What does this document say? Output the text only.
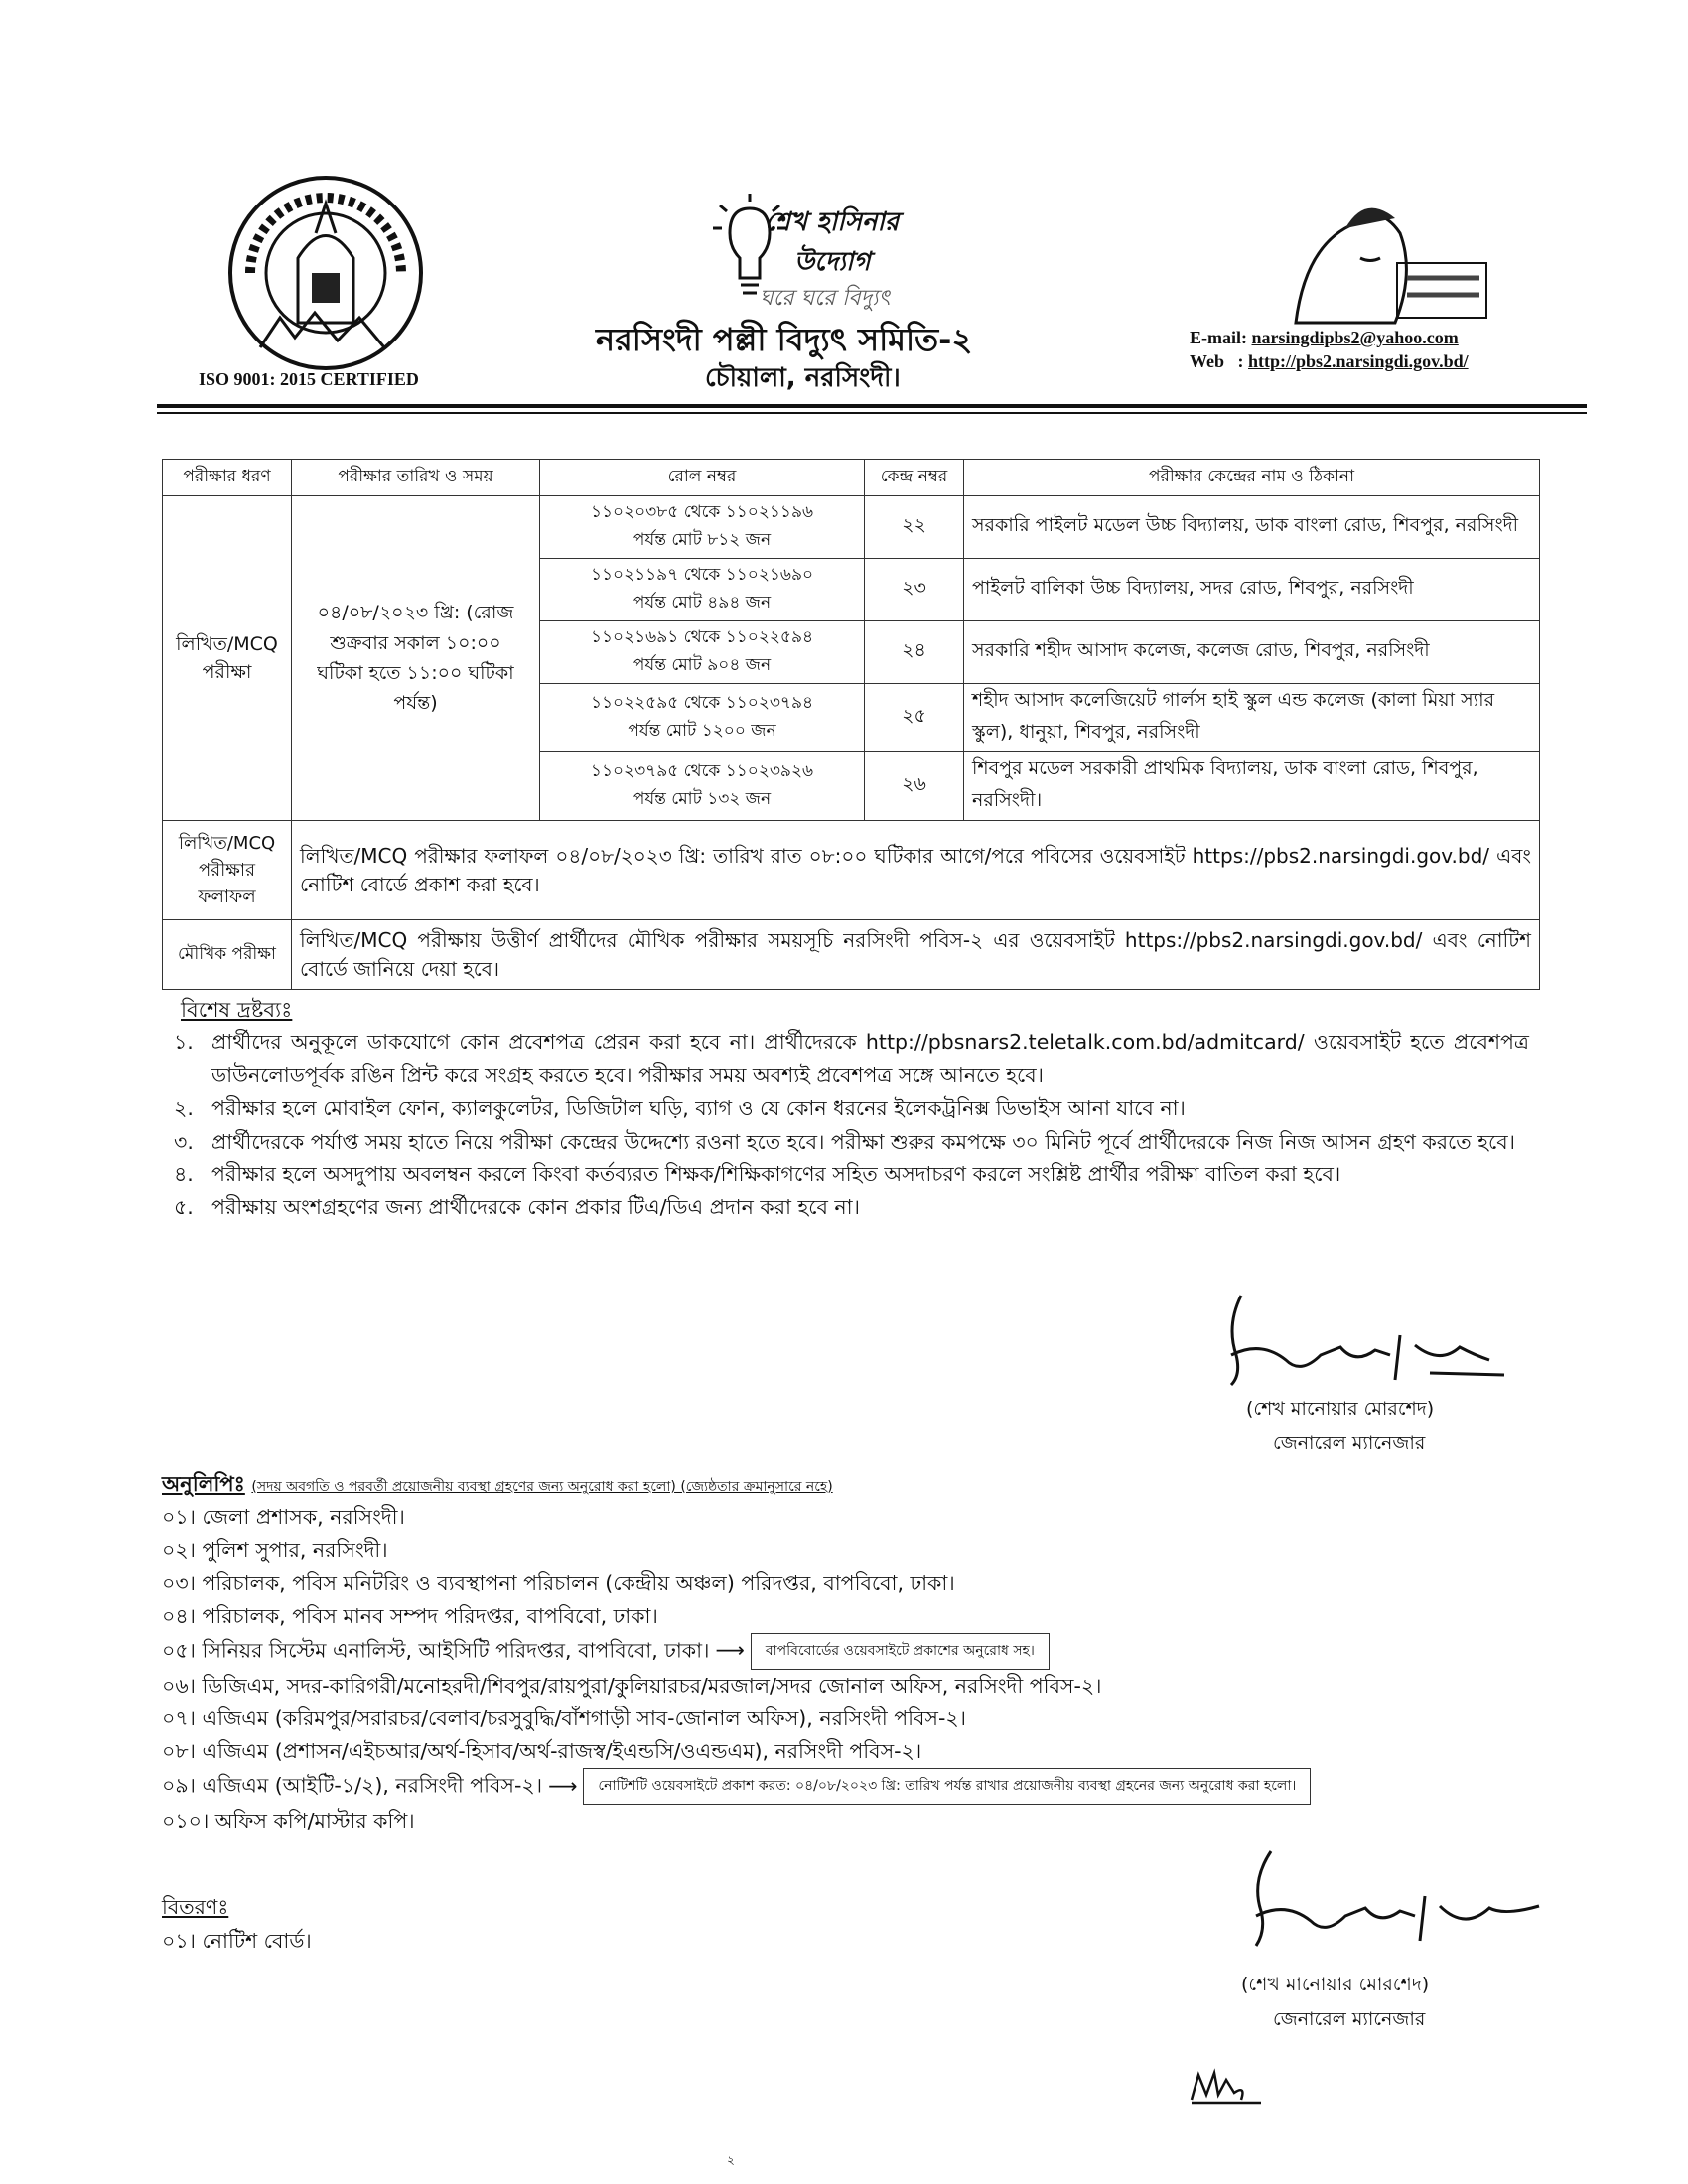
ISO 9001: 2015 CERTIFIED
শেখ হাসিনার
উদ্যোগ
ঘরে ঘরে বিদ্যুৎ
নরসিংদী পল্লী বিদ্যুৎ সমিতি-২
চৌয়ালা, নরসিংদী।
E-mail: narsingdipbs2@yahoo.com
Web   : http://pbs2.narsingdi.gov.bd/
পরীক্ষার ধরণ	পরীক্ষার তারিখ ও সময়	রোল নম্বর	কেন্দ্র নম্বর	পরীক্ষার কেন্দ্রের নাম ও ঠিকানা
লিখিত/MCQ পরীক্ষা	০৪/০৮/২০২৩ খ্রি: (রোজ শুক্রবার সকাল ১০:০০ ঘটিকা হতে ১১:০০ ঘটিকা পর্যন্ত)	১১০২০৩৮৫ থেকে ১১০২১১৯৬ পর্যন্ত মোট ৮১২ জন	২২	সরকারি পাইলট মডেল উচ্চ বিদ্যালয়, ডাক বাংলা রোড, শিবপুর, নরসিংদী
		১১০২১১৯৭ থেকে ১১০২১৬৯০ পর্যন্ত মোট ৪৯৪ জন	২৩	পাইলট বালিকা উচ্চ বিদ্যালয়, সদর রোড, শিবপুর, নরসিংদী
		১১০২১৬৯১ থেকে ১১০২২৫৯৪ পর্যন্ত মোট ৯০৪ জন	২৪	সরকারি শহীদ আসাদ কলেজ, কলেজ রোড, শিবপুর, নরসিংদী
		১১০২২৫৯৫ থেকে ১১০২৩৭৯৪ পর্যন্ত মোট ১২০০ জন	২৫	শহীদ আসাদ কলেজিয়েট গার্লস হাই স্কুল এন্ড কলেজ (কালা মিয়া স্যার স্কুল), ধানুয়া, শিবপুর, নরসিংদী
		১১০২৩৭৯৫ থেকে ১১০২৩৯২৬ পর্যন্ত মোট ১৩২ জন	২৬	শিবপুর মডেল সরকারী প্রাথমিক বিদ্যালয়, ডাক বাংলা রোড, শিবপুর, নরসিংদী।
লিখিত/MCQ পরীক্ষার ফলাফল	লিখিত/MCQ পরীক্ষার ফলাফল ০৪/০৮/২০২৩ খ্রি: তারিখ রাত ০৮:০০ ঘটিকার আগে/পরে পবিসের ওয়েবসাইট https://pbs2.narsingdi.gov.bd/ এবং নোটিশ বোর্ডে প্রকাশ করা হবে।			
মৌখিক পরীক্ষা	লিখিত/MCQ পরীক্ষায় উত্তীর্ণ প্রার্থীদের মৌখিক পরীক্ষার সময়সূচি নরসিংদী পবিস-২ এর ওয়েবসাইট https://pbs2.narsingdi.gov.bd/ এবং নোটিশ বোর্ডে জানিয়ে দেয়া হবে।			
বিশেষ দ্রষ্টব্যঃ
১. প্রার্থীদের অনুকূলে ডাকযোগে কোন প্রবেশপত্র প্রেরন করা হবে না। প্রার্থীদেরকে http://pbsnars2.teletalk.com.bd/admitcard/ ওয়েবসাইট হতে প্রবেশপত্র ডাউনলোডপূর্বক রঙিন প্রিন্ট করে সংগ্রহ করতে হবে। পরীক্ষার সময় অবশ্যই প্রবেশপত্র সঙ্গে আনতে হবে।
২. পরীক্ষার হলে মোবাইল ফোন, ক্যালকুলেটর, ডিজিটাল ঘড়ি, ব্যাগ ও যে কোন ধরনের ইলেকট্রনিক্স ডিভাইস আনা যাবে না।
৩. প্রার্থীদেরকে পর্যাপ্ত সময় হাতে নিয়ে পরীক্ষা কেন্দ্রের উদ্দেশ্যে রওনা হতে হবে। পরীক্ষা শুরুর কমপক্ষে ৩০ মিনিট পূর্বে প্রার্থীদেরকে নিজ নিজ আসন গ্রহণ করতে হবে।
৪. পরীক্ষার হলে অসদুপায় অবলম্বন করলে কিংবা কর্তব্যরত শিক্ষক/শিক্ষিকাগণের সহিত অসদাচরণ করলে সংশ্লিষ্ট প্রার্থীর পরীক্ষা বাতিল করা হবে।
৫. পরীক্ষায় অংশগ্রহণের জন্য প্রার্থীদেরকে কোন প্রকার টিএ/ডিএ প্রদান করা হবে না।
(শেখ মানোয়ার মোরশেদ)
জেনারেল ম্যানেজার
অনুলিপিঃ (সদয় অবগতি ও পরবর্তী প্রয়োজনীয় ব্যবস্থা গ্রহণের জন্য অনুরোধ করা হলো) (জ্যেষ্ঠতার ক্রমানুসারে নহে)
০১। জেলা প্রশাসক, নরসিংদী।
০২। পুলিশ সুপার, নরসিংদী।
০৩। পরিচালক, পবিস মনিটরিং ও ব্যবস্থাপনা পরিচালন (কেন্দ্রীয় অঞ্চল) পরিদপ্তর, বাপবিবো, ঢাকা।
০৪। পরিচালক, পবিস মানব সম্পদ পরিদপ্তর, বাপবিবো, ঢাকা।
০৫। সিনিয়র সিস্টেম এনালিস্ট, আইসিটি পরিদপ্তর, বাপবিবো, ঢাকা। ⟶ বাপবিবোর্ডের ওয়েবসাইটে প্রকাশের অনুরোধ সহ।
০৬। ডিজিএম, সদর-কারিগরী/মনোহরদী/শিবপুর/রায়পুরা/কুলিয়ারচর/মরজাল/সদর জোনাল অফিস, নরসিংদী পবিস-২।
০৭। এজিএম (করিমপুর/সরারচর/বেলাব/চরসুবুদ্ধি/বাঁশগাড়ী সাব-জোনাল অফিস), নরসিংদী পবিস-২।
০৮। এজিএম (প্রশাসন/এইচআর/অর্থ-হিসাব/অর্থ-রাজস্ব/ইএন্ডসি/ওএন্ডএম), নরসিংদী পবিস-২।
০৯। এজিএম (আইটি-১/২), নরসিংদী পবিস-২। ⟶ নোটিশটি ওয়েবসাইটে প্রকাশ করত: ০৪/০৮/২০২৩ খ্রি: তারিখ পর্যন্ত রাখার প্রয়োজনীয় ব্যবস্থা গ্রহনের জন্য অনুরোধ করা হলো।
০১০। অফিস কপি/মাস্টার কপি।
বিতরণঃ
০১। নোটিশ বোর্ড।
(শেখ মানোয়ার মোরশেদ)
জেনারেল ম্যানেজার
২
